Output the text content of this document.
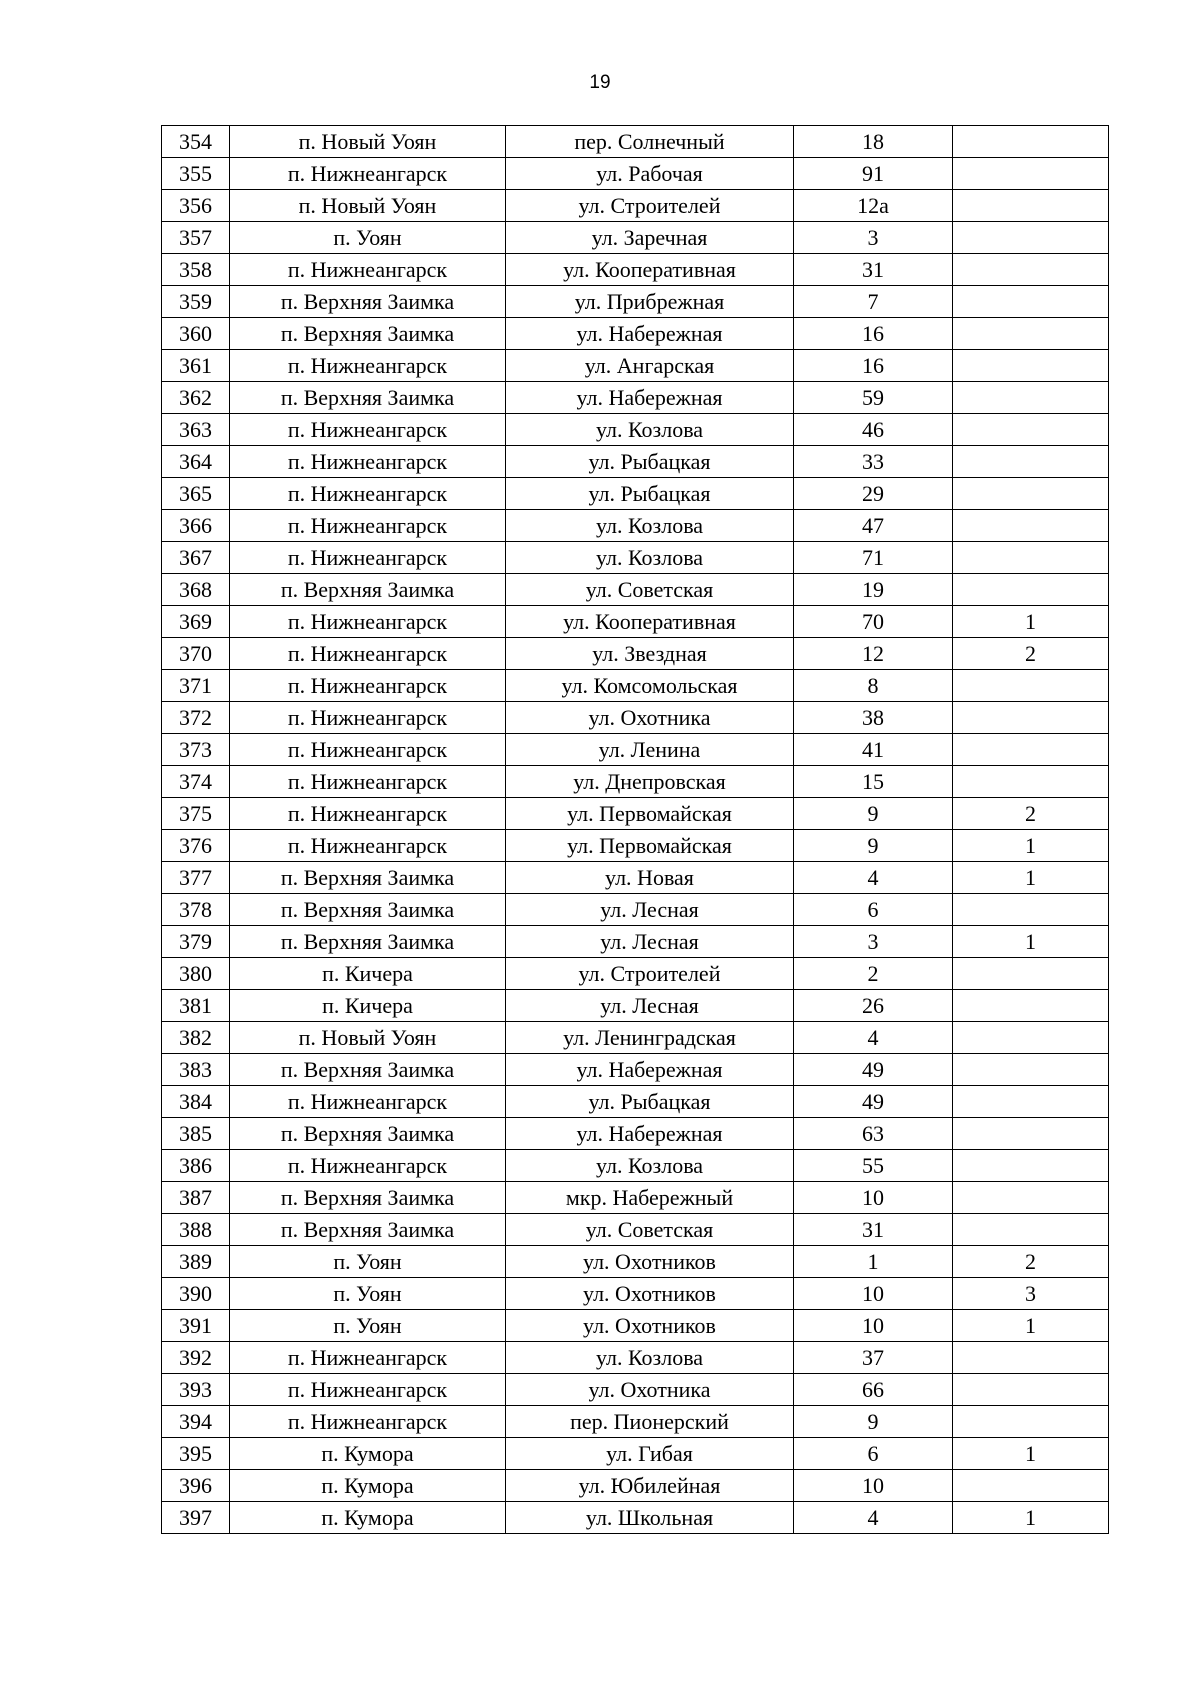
19
354	п. Новый Уоян	пер. Солнечный	18	
355	п. Нижнеангарск	ул. Рабочая	91	
356	п. Новый Уоян	ул. Строителей	12а	
357	п. Уоян	ул. Заречная	3	
358	п. Нижнеангарск	ул. Кооперативная	31	
359	п. Верхняя Заимка	ул. Прибрежная	7	
360	п. Верхняя Заимка	ул. Набережная	16	
361	п. Нижнеангарск	ул. Ангарская	16	
362	п. Верхняя Заимка	ул. Набережная	59	
363	п. Нижнеангарск	ул. Козлова	46	
364	п. Нижнеангарск	ул. Рыбацкая	33	
365	п. Нижнеангарск	ул. Рыбацкая	29	
366	п. Нижнеангарск	ул. Козлова	47	
367	п. Нижнеангарск	ул. Козлова	71	
368	п. Верхняя Заимка	ул. Советская	19	
369	п. Нижнеангарск	ул. Кооперативная	70	1
370	п. Нижнеангарск	ул. Звездная	12	2
371	п. Нижнеангарск	ул. Комсомольская	8	
372	п. Нижнеангарск	ул. Охотника	38	
373	п. Нижнеангарск	ул. Ленина	41	
374	п. Нижнеангарск	ул. Днепровская	15	
375	п. Нижнеангарск	ул. Первомайская	9	2
376	п. Нижнеангарск	ул. Первомайская	9	1
377	п. Верхняя Заимка	ул. Новая	4	1
378	п. Верхняя Заимка	ул. Лесная	6	
379	п. Верхняя Заимка	ул. Лесная	3	1
380	п. Кичера	ул. Строителей	2	
381	п. Кичера	ул. Лесная	26	
382	п. Новый Уоян	ул. Ленинградская	4	
383	п. Верхняя Заимка	ул. Набережная	49	
384	п. Нижнеангарск	ул. Рыбацкая	49	
385	п. Верхняя Заимка	ул. Набережная	63	
386	п. Нижнеангарск	ул. Козлова	55	
387	п. Верхняя Заимка	мкр. Набережный	10	
388	п. Верхняя Заимка	ул. Советская	31	
389	п. Уоян	ул. Охотников	1	2
390	п. Уоян	ул. Охотников	10	3
391	п. Уоян	ул. Охотников	10	1
392	п. Нижнеангарск	ул. Козлова	37	
393	п. Нижнеангарск	ул. Охотника	66	
394	п. Нижнеангарск	пер. Пионерский	9	
395	п. Кумора	ул. Гибая	6	1
396	п. Кумора	ул. Юбилейная	10	
397	п. Кумора	ул. Школьная	4	1
